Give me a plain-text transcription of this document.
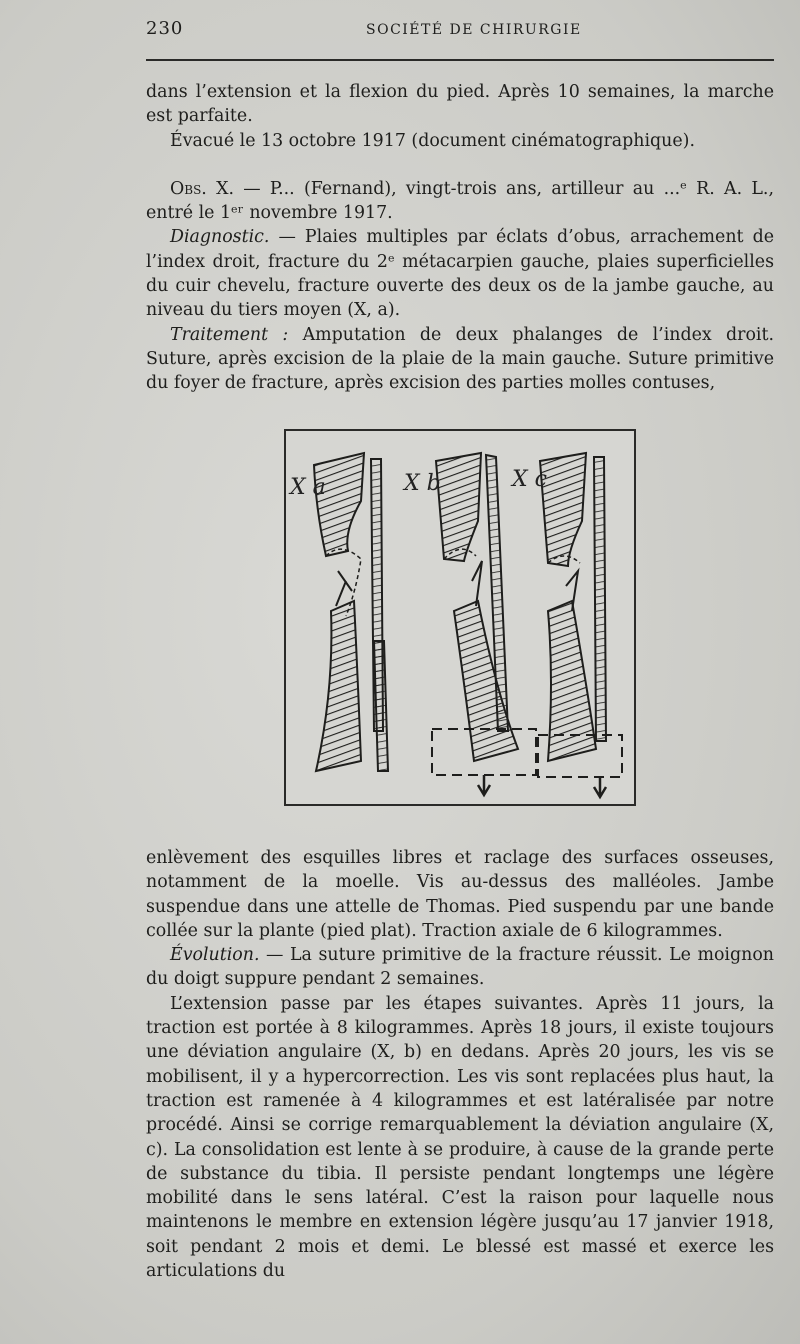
230	SOCIÉTÉ DE CHIRURGIE

dans l’extension et la flexion du pied. Après 10 semaines, la marche est parfaite.

Évacué le 13 octobre 1917 (document cinématographique).

Obs. X. — P... (Fernand), vingt-trois ans, artilleur au ...ᵉ R. A. L., entré le 1ᵉʳ novembre 1917.

Diagnostic. — Plaies multiples par éclats d’obus, arrachement de l’index droit, fracture du 2ᵉ métacarpien gauche, plaies superficielles du cuir chevelu, fracture ouverte des deux os de la jambe gauche, au niveau du tiers moyen (X, a).

Traitement : Amputation de deux phalanges de l’index droit. Suture, après excision de la plaie de la main gauche. Suture primitive du foyer de fracture, après excision des parties molles contuses,

X a	X b	X c

enlèvement des esquilles libres et raclage des surfaces osseuses, notamment de la moelle. Vis au-dessus des malléoles. Jambe suspendue dans une attelle de Thomas. Pied suspendu par une bande collée sur la plante (pied plat). Traction axiale de 6 kilogrammes.

Évolution. — La suture primitive de la fracture réussit. Le moignon du doigt suppure pendant 2 semaines.

L’extension passe par les étapes suivantes. Après 11 jours, la traction est portée à 8 kilogrammes. Après 18 jours, il existe toujours une déviation angulaire (X, b) en dedans. Après 20 jours, les vis se mobilisent, il y a hypercorrection. Les vis sont replacées plus haut, la traction est ramenée à 4 kilogrammes et est latéralisée par notre procédé. Ainsi se corrige remarquablement la déviation angulaire (X, c). La consolidation est lente à se produire, à cause de la grande perte de substance du tibia. Il persiste pendant longtemps une légère mobilité dans le sens latéral. C’est la raison pour laquelle nous maintenons le membre en extension légère jusqu’au 17 janvier 1918, soit pendant 2 mois et demi. Le blessé est massé et exerce les articulations du
